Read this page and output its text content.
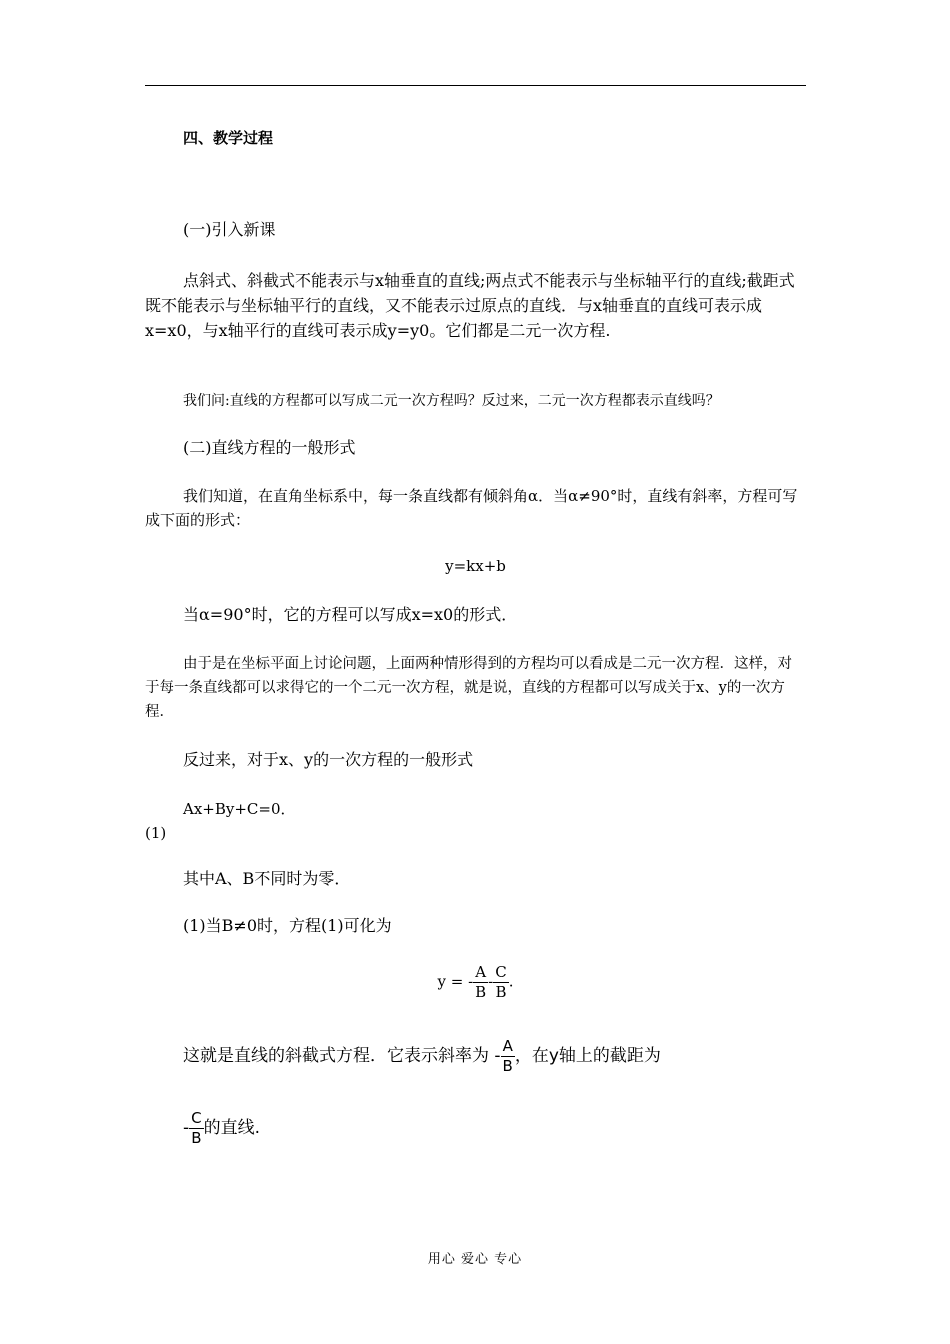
四、教学过程
(一)引入新课
点斜式、斜截式不能表示与x轴垂直的直线;两点式不能表示与坐标轴平行的直线;截距式既不能表示与坐标轴平行的直线，又不能表示过原点的直线．与x轴垂直的直线可表示成x=x0，与x轴平行的直线可表示成y=y0。它们都是二元一次方程.
我们问:直线的方程都可以写成二元一次方程吗？反过来，二元一次方程都表示直线吗？
(二)直线方程的一般形式
我们知道，在直角坐标系中，每一条直线都有倾斜角α．当α≠90°时，直线有斜率，方程可写成下面的形式：
y=kx+b
当α=90°时，它的方程可以写成x=x0的形式．
由于是在坐标平面上讨论问题，上面两种情形得到的方程均可以看成是二元一次方程．这样，对于每一条直线都可以求得它的一个二元一次方程，就是说，直线的方程都可以写成关于x、y的一次方程．
反过来，对于x、y的一次方程的一般形式
Ax+By+C=0．
(1)
其中A、B不同时为零．
(1)当B≠0时，方程(1)可化为
y = - $\frac{A}{B} - \frac{C}{B}$ .
这就是直线的斜截式方程．它表示斜率为 - $\frac{A}{B}$ ，在y轴上的截距为
- $\frac{C}{B}$ 的直线.
用心 爱心 专心
